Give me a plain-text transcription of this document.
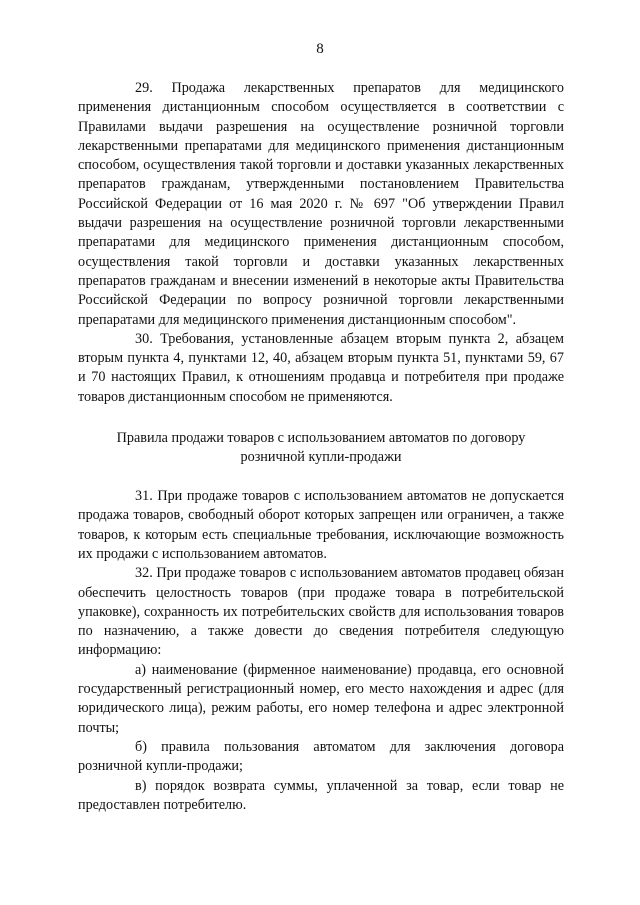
8

29. Продажа лекарственных препаратов для медицинского применения дистанционным способом осуществляется в соответствии с Правилами выдачи разрешения на осуществление розничной торговли лекарственными препаратами для медицинского применения дистанционным способом, осуществления такой торговли и доставки указанных лекарственных препаратов гражданам, утвержденными постановлением Правительства Российской Федерации от 16 мая 2020 г. № 697 "Об утверждении Правил выдачи разрешения на осуществление розничной торговли лекарственными препаратами для медицинского применения дистанционным способом, осуществления такой торговли и доставки указанных лекарственных препаратов гражданам и внесении изменений в некоторые акты Правительства Российской Федерации по вопросу розничной торговли лекарственными препаратами для медицинского применения дистанционным способом".

30. Требования, установленные абзацем вторым пункта 2, абзацем вторым пункта 4, пунктами 12, 40, абзацем вторым пункта 51, пунктами 59, 67 и 70 настоящих Правил, к отношениям продавца и потребителя при продаже товаров дистанционным способом не применяются.

Правила продажи товаров с использованием автоматов по договору розничной купли-продажи

31. При продаже товаров с использованием автоматов не допускается продажа товаров, свободный оборот которых запрещен или ограничен, а также товаров, к которым есть специальные требования, исключающие возможность их продажи с использованием автоматов.

32. При продаже товаров с использованием автоматов продавец обязан обеспечить целостность товаров (при продаже товара в потребительской упаковке), сохранность их потребительских свойств для использования товаров по назначению, а также довести до сведения потребителя следующую информацию:

а) наименование (фирменное наименование) продавца, его основной государственный регистрационный номер, его место нахождения и адрес (для юридического лица), режим работы, его номер телефона и адрес электронной почты;

б) правила пользования автоматом для заключения договора розничной купли-продажи;

в) порядок возврата суммы, уплаченной за товар, если товар не предоставлен потребителю.
